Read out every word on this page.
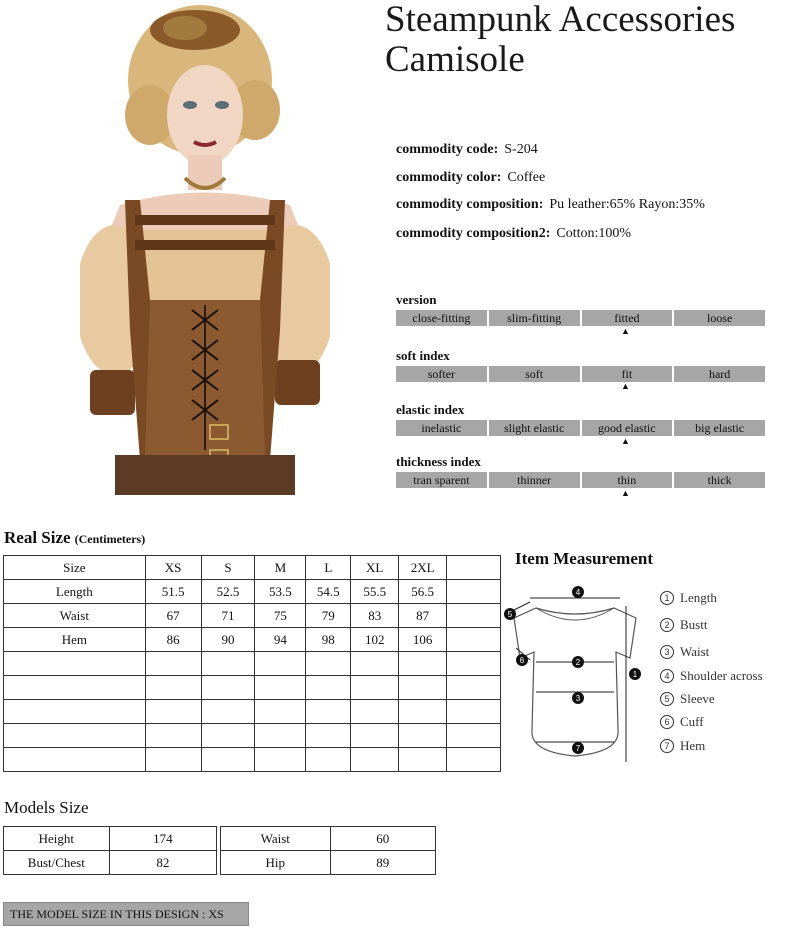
Steampunk Accessories
Camisole
commodity code: S-204
commodity color: Coffee
commodity composition: Pu leather:65% Rayon:35%
commodity composition2: Cotton:100%
version
close-fitting	slim-fitting	fitted	loose
▲
soft index
softer	soft	fit	hard
▲
elastic index
inelastic	slight elastic	good elastic	big elastic
▲
thickness index
tran sparent	thinner	thin	thick
▲
Real Size (Centimeters)
Size	XS	S	M	L	XL	2XL	
Length	51.5	52.5	53.5	54.5	55.5	56.5	
Waist	67	71	75	79	83	87	
Hem	86	90	94	98	102	106	

Item Measurement
4
2
3
7
1
5
6
1 Length
2 Bustt
3 Waist
4 Shoulder across
5 Sleeve
6 Cuff
7 Hem
Models Size
Height	174
Bust/Chest	82
Waist	60
Hip	89
THE MODEL SIZE IN THIS DESIGN : XS
